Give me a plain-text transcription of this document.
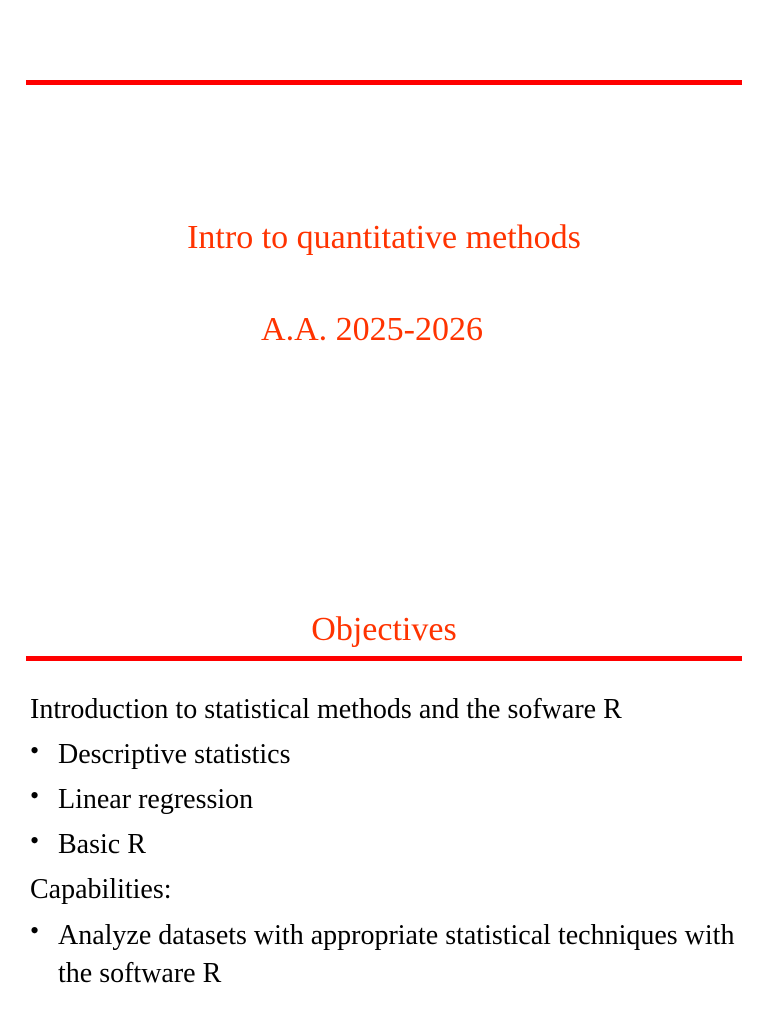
Intro to quantitative methods
A.A. 2025-2026
Objectives
Introduction to statistical methods and the sofware R
• Descriptive statistics
• Linear regression
• Basic R
Capabilities:
• Analyze datasets with appropriate statistical techniques with the software R
